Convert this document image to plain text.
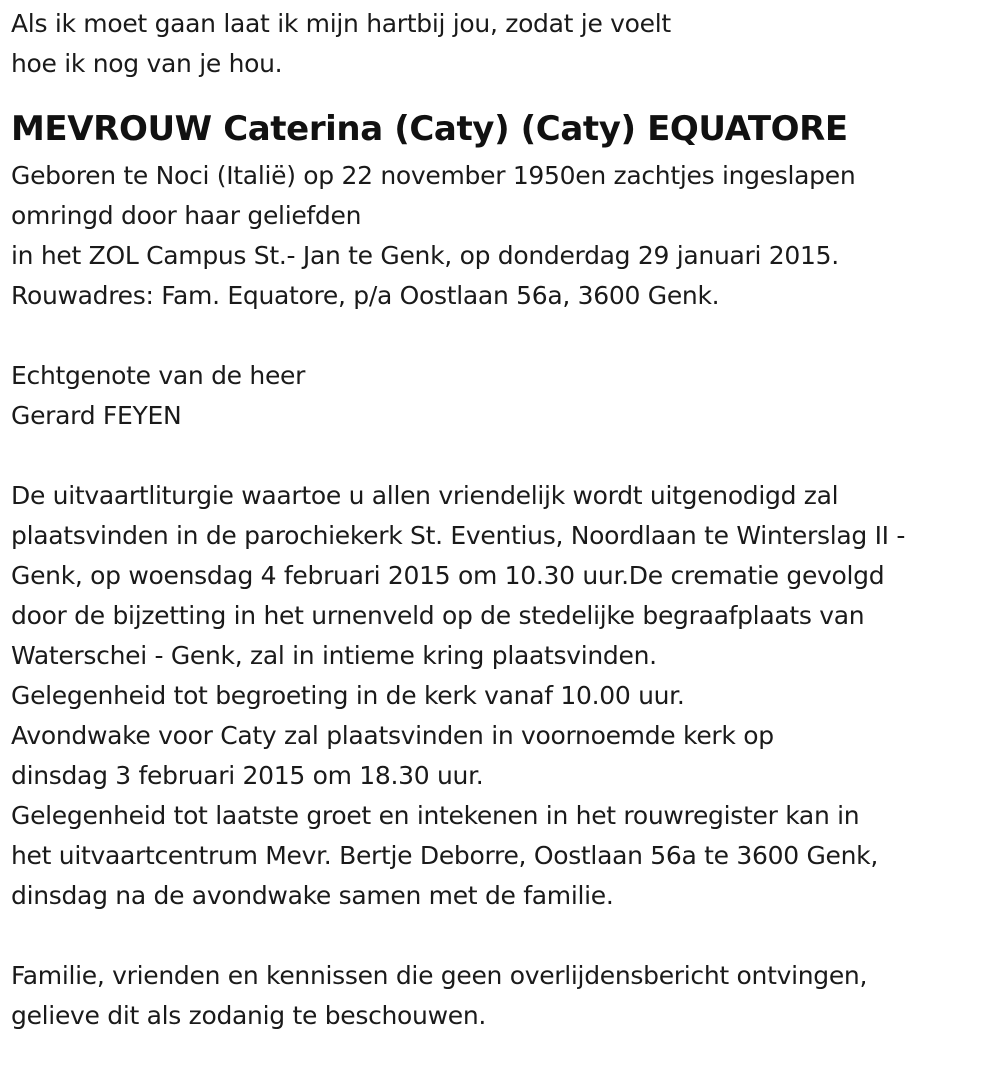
Als ik moet gaan laat ik mijn hartbij jou, zodat je voelt
hoe ik nog van je hou.
MEVROUW Caterina (Caty) (Caty) EQUATORE
Geboren te Noci (Italië) op 22 november 1950en zachtjes ingeslapen
omringd door haar geliefden
in het ZOL Campus St.- Jan te Genk, op donderdag 29 januari 2015.
Rouwadres: Fam. Equatore, p/a Oostlaan 56a, 3600 Genk.
Echtgenote van de heer
Gerard FEYEN
De uitvaartliturgie waartoe u allen vriendelijk wordt uitgenodigd zal
plaatsvinden in de parochiekerk St. Eventius, Noordlaan te Winterslag II -
Genk, op woensdag 4 februari 2015 om 10.30 uur.De crematie gevolgd
door de bijzetting in het urnenveld op de stedelijke begraafplaats van
Waterschei - Genk, zal in intieme kring plaatsvinden.
Gelegenheid tot begroeting in de kerk vanaf 10.00 uur.
Avondwake voor Caty zal plaatsvinden in voornoemde kerk op
dinsdag 3 februari 2015 om 18.30 uur.
Gelegenheid tot laatste groet en intekenen in het rouwregister kan in
het uitvaartcentrum Mevr. Bertje Deborre, Oostlaan 56a te 3600 Genk,
dinsdag na de avondwake samen met de familie.
Familie, vrienden en kennissen die geen overlijdensbericht ontvingen,
gelieve dit als zodanig te beschouwen.
